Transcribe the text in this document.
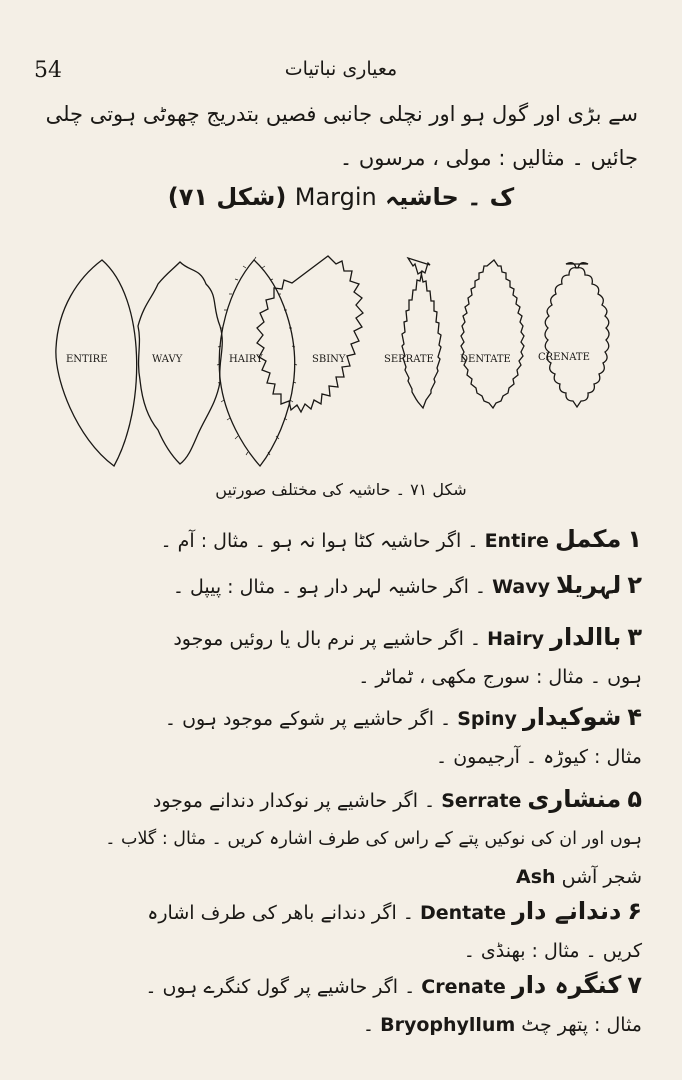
54	معیاری نباتیات
سے بڑی اور گول ہو اور نچلی جانبی فصیں بتدریج چھوٹی ہوتی چلی
جائیں ۔ مثالیں : مولی ، مرسوں ۔
ک ۔ حاشیہ Margin (شکل ۷۱)
ENTIRE	WAVY	HAIRY	SBINY	SERRATE	DENTATE	CRENATE
شکل ۷۱ ۔ حاشیہ کی مختلف صورتیں
۱ مکمل Entire ۔ اگر حاشیہ کٹا ہوا نہ ہو ۔ مثال : آم ۔
۲ لہریلا Wavy ۔ اگر حاشیہ لہر دار ہو ۔ مثال : پیپل ۔
۳ باالدار Hairy ۔ اگر حاشیے پر نرم بال یا روئیں موجود
ہوں ۔ مثال : سورج مکھی ، ٹماٹر ۔
۴ شوکیدار Spiny ۔ اگر حاشیے پر شوکے موجود ہوں ۔
مثال : کیوڑہ ۔ آرجیمون ۔
۵ منشاری Serrate ۔ اگر حاشیے پر نوکدار دندانے موجود
ہوں اور ان کی نوکیں پتے کے راس کی طرف اشارہ کریں ۔ مثال : گلاب ۔
شجر آشں Ash
۶ دندانے دار Dentate ۔ اگر دندانے باھر کی طرف اشارہ
کریں ۔ مثال : بھنڈی ۔
۷ کنگرہ دار Crenate ۔ اگر حاشیے پر گول کنگرے ہوں ۔
مثال : پتھر چٹ Bryophyllum ۔
